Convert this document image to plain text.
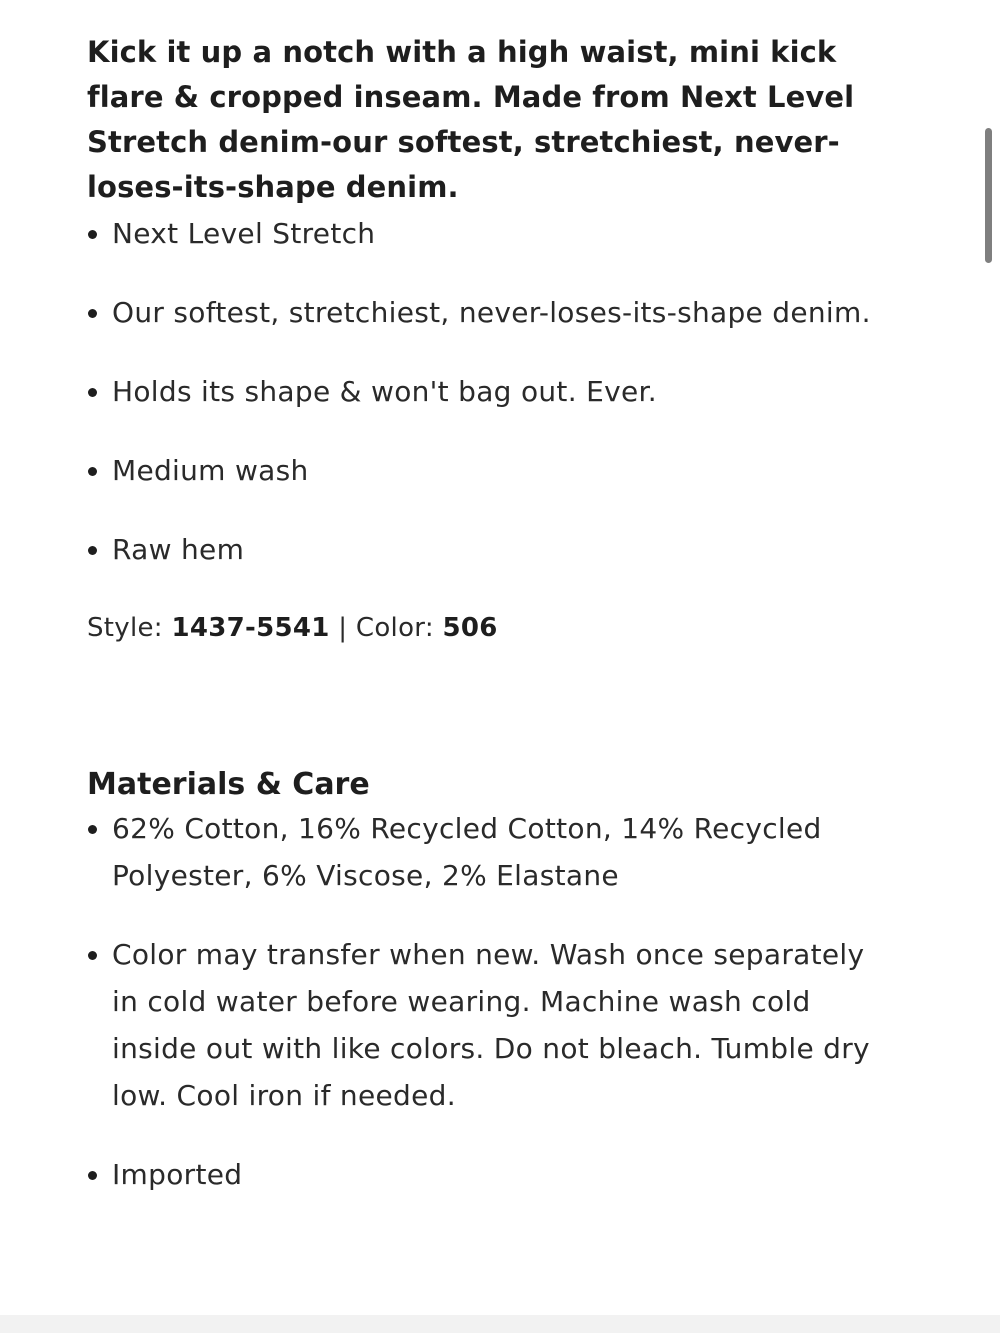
Kick it up a notch with a high waist, mini kick flare & cropped inseam. Made from Next Level Stretch denim-our softest, stretchiest, never-loses-its-shape denim.

Next Level Stretch
Our softest, stretchiest, never-loses-its-shape denim.
Holds its shape & won't bag out. Ever.
Medium wash
Raw hem
Style: 1437-5541 | Color: 506
Materials & Care
62% Cotton, 16% Recycled Cotton, 14% Recycled Polyester, 6% Viscose, 2% Elastane
Color may transfer when new. Wash once separately in cold water before wearing. Machine wash cold inside out with like colors. Do not bleach. Tumble dry low. Cool iron if needed.
Imported
